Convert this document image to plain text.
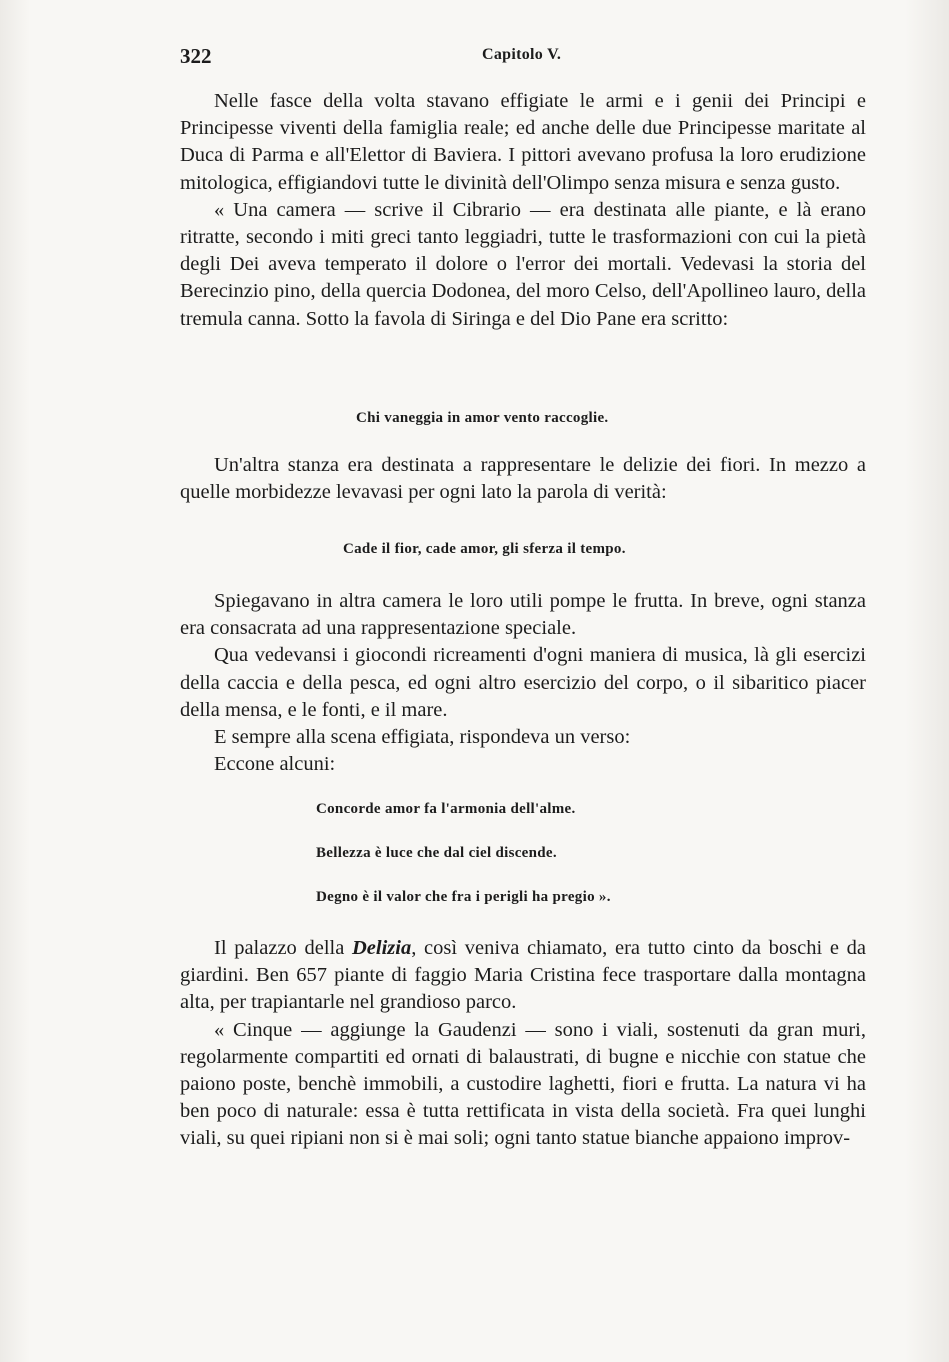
322	Capitolo V.

Nelle fasce della volta stavano effigiate le armi e i genii dei Principi e Principesse viventi della famiglia reale; ed anche delle due Principesse maritate al Duca di Parma e all'Elettor di Baviera. I pittori avevano profusa la loro erudizione mitologica, effigiandovi tutte le divinità dell'Olimpo senza misura e senza gusto.

« Una camera — scrive il Cibrario — era destinata alle piante, e là erano ritratte, secondo i miti greci tanto leggiadri, tutte le trasformazioni con cui la pietà degli Dei aveva temperato il dolore o l'error dei mortali. Vedevasi la storia del Berecinzio pino, della quercia Dodonea, del moro Celso, dell'Apollineo lauro, della tremula canna. Sotto la favola di Siringa e del Dio Pane era scritto:

Chi vaneggia in amor vento raccoglie.

Un'altra stanza era destinata a rappresentare le delizie dei fiori. In mezzo a quelle morbidezze levavasi per ogni lato la parola di verità:

Cade il fior, cade amor, gli sferza il tempo.

Spiegavano in altra camera le loro utili pompe le frutta. In breve, ogni stanza era consacrata ad una rappresentazione speciale.

Qua vedevansi i giocondi ricreamenti d'ogni maniera di musica, là gli esercizi della caccia e della pesca, ed ogni altro esercizio del corpo, o il sibaritico piacer della mensa, e le fonti, e il mare.

E sempre alla scena effigiata, rispondeva un verso:

Eccone alcuni:

Concorde amor fa l'armonia dell'alme.
Bellezza è luce che dal ciel discende.
Degno è il valor che fra i perigli ha pregio ».

Il palazzo della Delizia, così veniva chiamato, era tutto cinto da boschi e da giardini. Ben 657 piante di faggio Maria Cristina fece trasportare dalla montagna alta, per trapiantarle nel grandioso parco.

« Cinque — aggiunge la Gaudenzi — sono i viali, sostenuti da gran muri, regolarmente compartiti ed ornati di balaustrati, di bugne e nicchie con statue che paiono poste, benchè immobili, a custodire laghetti, fiori e frutta. La natura vi ha ben poco di naturale: essa è tutta rettificata in vista della società. Fra quei lunghi viali, su quei ripiani non si è mai soli; ogni tanto statue bianche appaiono improv-
